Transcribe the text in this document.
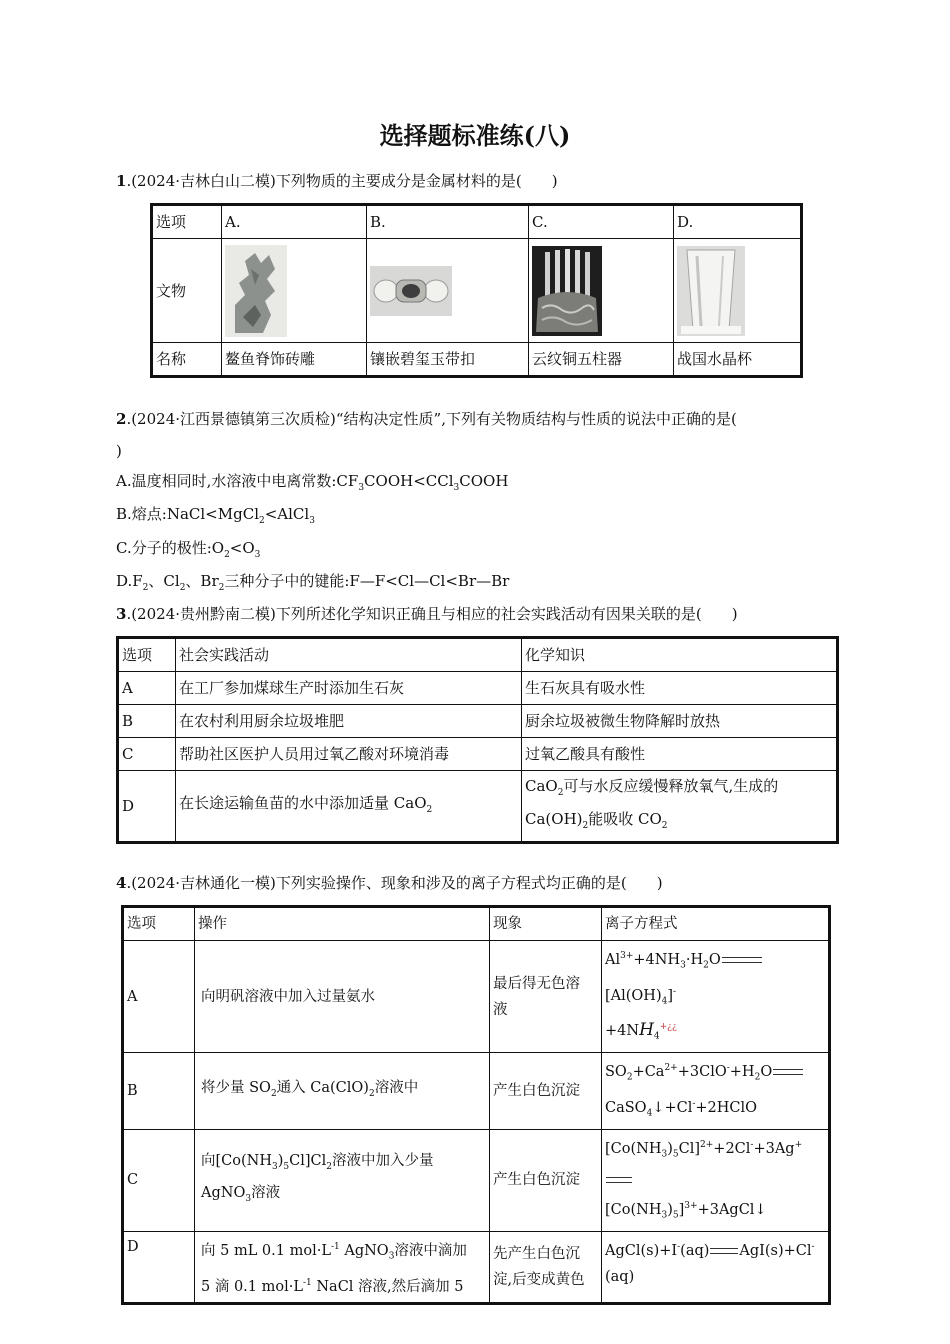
选择题标准练(八)
1.(2024·吉林白山二模)下列物质的主要成分是金属材料的是(　　)
选项	A.	B.	C.	D.
文物	

名称	鳌鱼脊饰砖雕	镶嵌碧玺玉带扣	云纹铜五柱器	战国水晶杯
2.(2024·江西景德镇第三次质检)“结构决定性质”,下列有关物质结构与性质的说法中正确的是(
)
A.温度相同时,水溶液中电离常数$:CF_3COOH<CCl_3COOH$
B.熔点:NaCl<MgCl$_2$<AlCl$_3$
C.分子的极性$:O_2<O_3$
$D.F_2$、$Cl_2$、$Br_2$三种分子中的键能:F—F<Cl—Cl<Br—Br
3.(2024·贵州黔南二模)下列所述化学知识正确且与相应的社会实践活动有因果关联的是(　　)
选项	社会实践活动	化学知识
A	在工厂参加煤球生产时添加生石灰	生石灰具有吸水性
B	在农村利用厨余垃圾堆肥	厨余垃圾被微生物降解时放热
C	帮助社区医护人员用过氧乙酸对环境消毒	过氧乙酸具有酸性
D	在长途运输鱼苗的水中添加适量 CaO$_2$	CaO$_2$可与水反应缓慢释放氧气,生成的
$Ca(OH)_2$能吸收 $CO_2$
4.(2024·吉林通化一模)下列实验操作、现象和涉及的离子方程式均正确的是(　　)
选项	操作	现象	离子方程式
A	向明矾溶液中加入过量氨水	最后得无色溶
液	$Al^{3+}+4NH_3\cdot H_2O[Al(OH)_4]^-$
$+4NH_4^{+¿¿}$
B	将少量 $SO_2$通入 $Ca(ClO)_2$溶液中	产生白色沉淀	$SO_2+Ca^{2+}+3ClO^-+H_2O$
CaSO$_4$↓+Cl-+2HClO
C	向$[Co(NH_3)_5Cl]Cl_2$溶液中加入少量
AgNO$_3$溶液	产生白色沉淀	$[Co(NH_3)_5Cl]^{2+}+2Cl^-+3Ag^+$
$[Co(NH_3)_5]^{3+}+3AgCl↓$
D	向 5 mL 0.1 $mol\cdot L^{-1}$ AgNO$_3$溶液中滴加
5 滴 0.1 $mol\cdot L^{-1}$ NaCl 溶液,然后滴加 5	先产生白色沉
淀,后变成黄色	AgCl(s)+I-(aq) AgI(s)+Cl-
(aq)
